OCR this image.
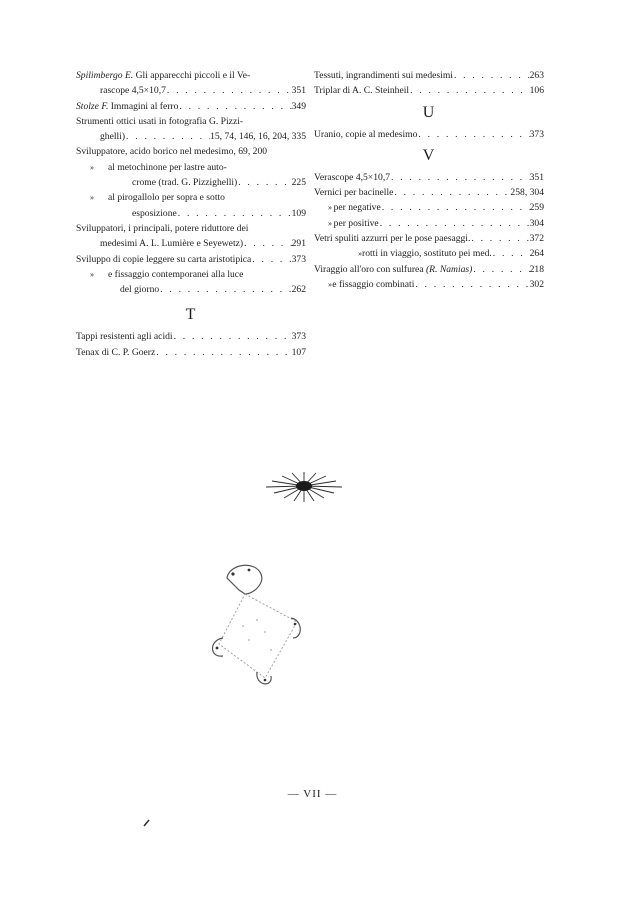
Spilimbergo E. Gli apparecchi piccoli e il Ve-
rascope 4,5×10,7 . . .	351
Stolze F. Immagini al ferro . . .	349
Strumenti ottici usati in fotografia G. Pizzi-
ghelli) . . .	15, 74, 146, 16, 204, 335
Sviluppatore, acido borico nel medesimo, 69, 200
»	al metochinone per lastre auto-
crome (trad. G. Pizzighelli) . . .	225
»	al pirogallolo per sopra e sotto
esposizione . . .	109
Sviluppatori, i principali, potere riduttore dei
medesimi A. L. Lumière e Seyewetz) . . .	291
Sviluppo di copie leggere su carta aristotipica . . .	373
»	e fissaggio contemporanei alla luce
del giorno . . .	262
T
Tappi resistenti agli acidi . . .	373
Tenax di C. P. Goerz . . .	107
Tessuti, ingrandimenti sui medesimi . . .	263
Triplar di A. C. Steinheil . . .	106
U
Uranio, copie al medesimo . . .	373
V
Verascope 4,5×10,7 . . .	351
Vernici per bacinelle . . .	258, 304
» per negative . . .	259
» per positive . . .	304
Vetri spuliti azzurri per le pose paesaggi. . . .	372
» rotti in viaggio, sostituto pei med. . . .	264
Viraggio all'oro con sulfurea (R. Namias) . . .	218
» e fissaggio combinati . . .	302
— VII —
